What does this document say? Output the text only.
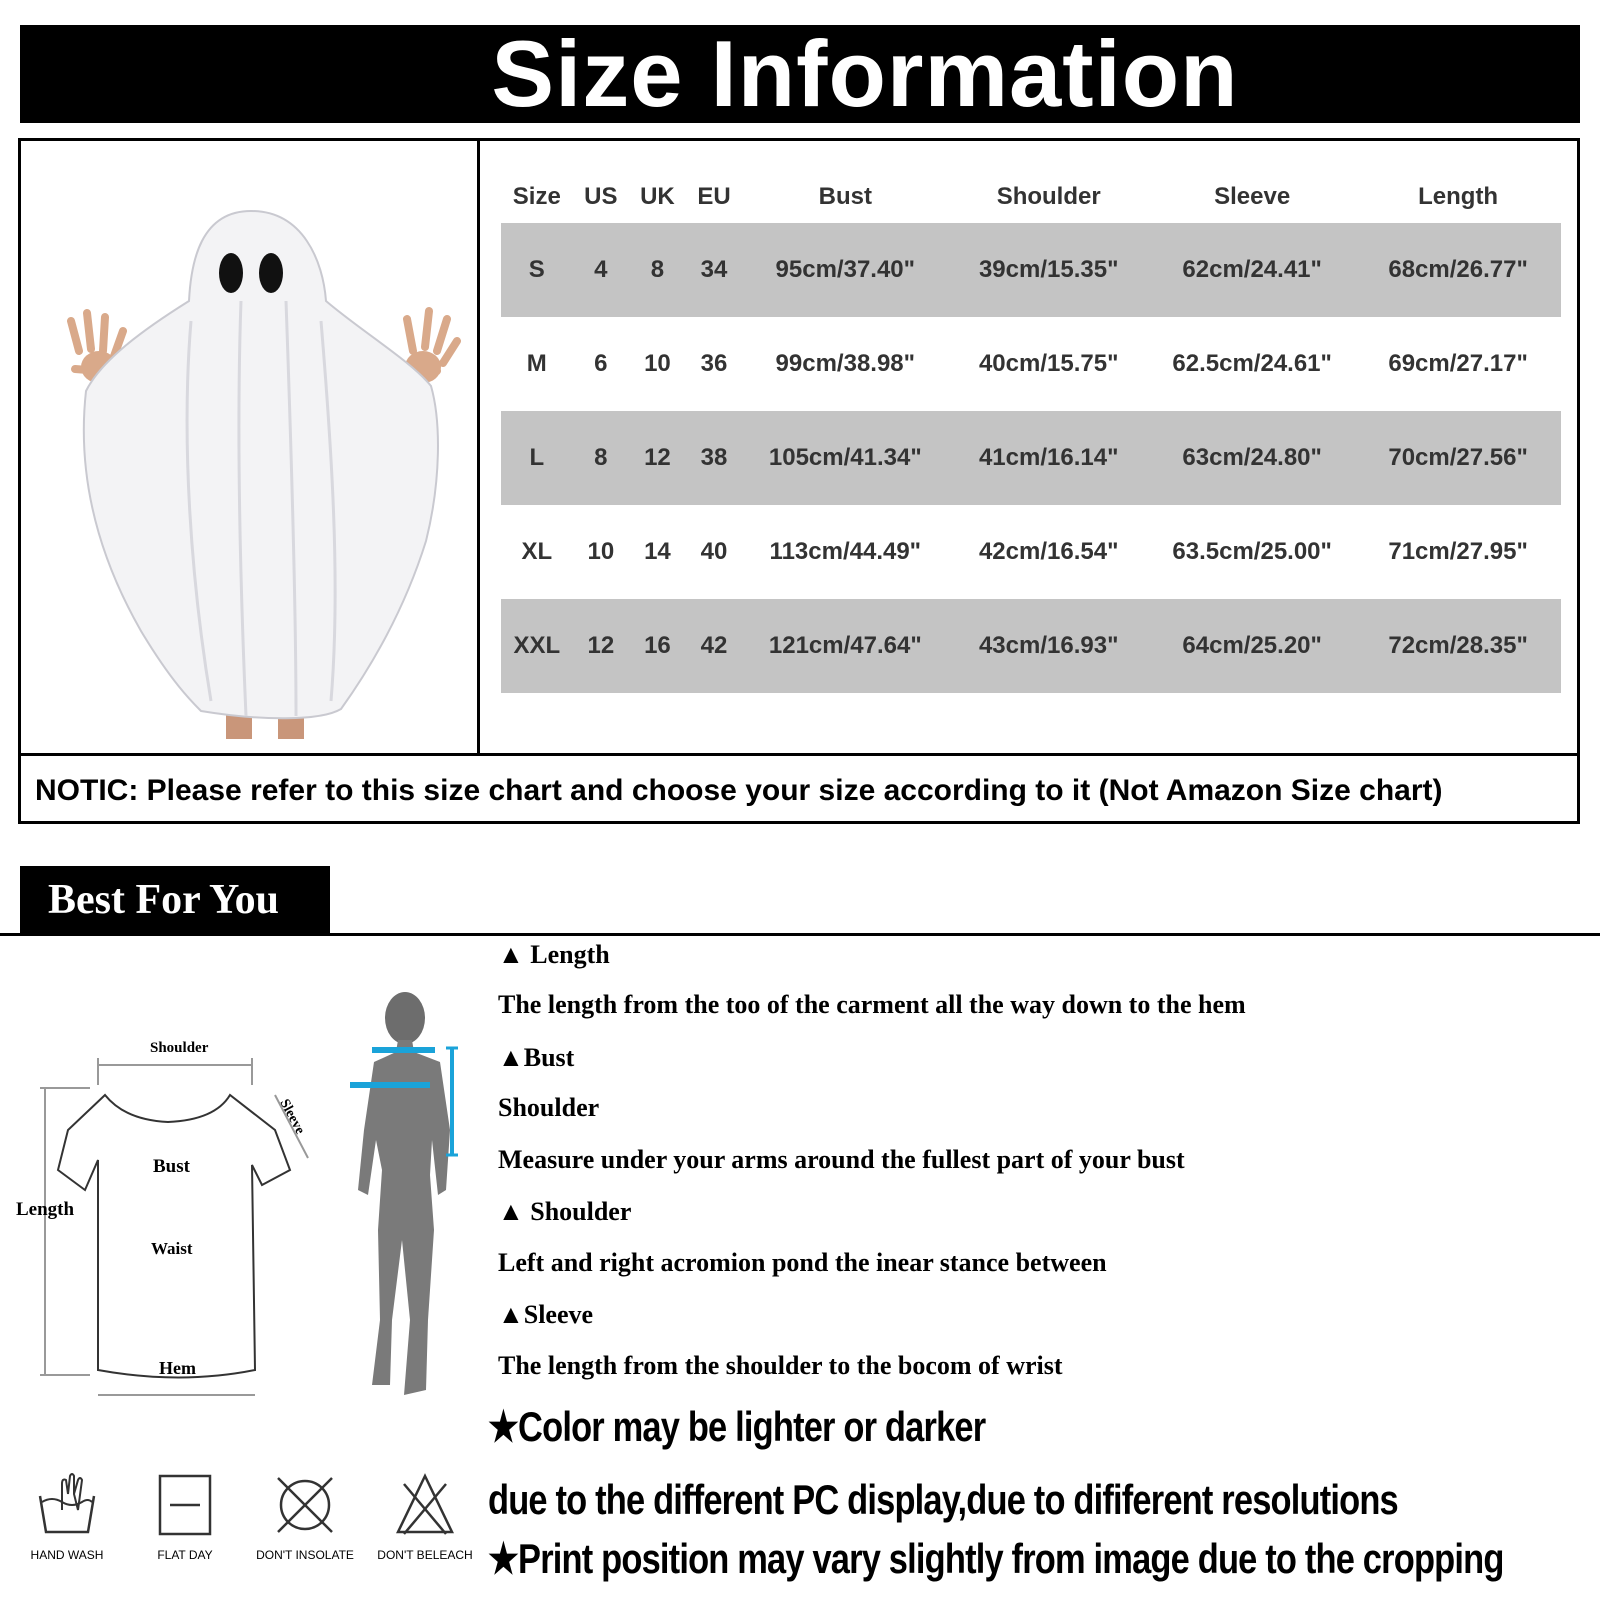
Size Information
Size	US	UK	EU	Bust	Shoulder	Sleeve	Length
S	4	8	34	95cm/37.40"	39cm/15.35"	62cm/24.41"	68cm/26.77"
M	6	10	36	99cm/38.98"	40cm/15.75"	62.5cm/24.61"	69cm/27.17"
L	8	12	38	105cm/41.34"	41cm/16.14"	63cm/24.80"	70cm/27.56"
XL	10	14	40	113cm/44.49"	42cm/16.54"	63.5cm/25.00"	71cm/27.95"
XXL	12	16	42	121cm/47.64"	43cm/16.93"	64cm/25.20"	72cm/28.35"
NOTIC: Please refer to this size chart and choose your size according to it (Not Amazon Size chart)
Best For You
Shoulder
Sleeve
Bust
Length
Waist
Hem
▲ Length
The length from the too of the carment all the way down to the hem
▲Bust
Shoulder
Measure under your arms around the fullest part of your bust
▲ Shoulder
Left and right acromion pond the inear stance between
▲Sleeve
The length from the shoulder to the bocom of wrist
★Color may be lighter or darker
due to the different PC display,due to dififerent resolutions
★Print position may vary slightly from image due to the cropping
HAND WASH	FLAT DAY	DON'T INSOLATE	DON'T BELEACH
